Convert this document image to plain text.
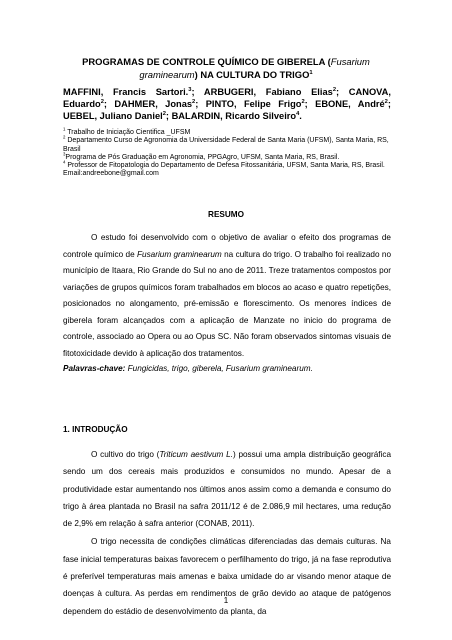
PROGRAMAS DE CONTROLE QUÍMICO DE GIBERELA (Fusarium
graminearum) NA CULTURA DO TRIGO$^1$
MAFFINI, Francis Sartori.$^3$; ARBUGERI, Fabiano Elias$^2$; CANOVA, Eduardo$^2$; DAHMER, Jonas$^2$; PINTO, Felipe Frigo$^2$; EBONE, André$^2$; UEBEL, Juliano Daniel$^2$; BALARDIN, Ricardo Silveiro$^4$.
$^1$ Trabalho de Iniciação Cientifica _UFSM
$^2$ Departamento Curso de Agronomia da Universidade Federal de Santa Maria (UFSM), Santa Maria, RS, Brasil
$^3$Programa de Pós Graduação em Agronomia, PPGAgro, UFSM, Santa Maria, RS, Brasil.
$^4$ Professor de Fitopatologia do Departamento de Defesa Fitossanitária, UFSM, Santa Maria, RS, Brasil.
Email:andreebone@gmail.com
RESUMO

O estudo foi desenvolvido com o objetivo de avaliar o efeito dos programas de controle químico de Fusarium graminearum na cultura do trigo. O trabalho foi realizado no município de Itaara, Rio Grande do Sul no ano de 2011. Treze tratamentos compostos por variações de grupos químicos foram trabalhados em blocos ao acaso e quatro repetições, posicionados no alongamento, pré-emissão e florescimento. Os menores índices de giberela foram alcançados com a aplicação de Manzate no inicio do programa de controle, associado ao Opera ou ao Opus SC. Não foram observados sintomas visuais de fitotoxicidade devido à aplicação dos tratamentos.

Palavras-chave: Fungicidas, trigo, giberela, Fusarium graminearum.
1. INTRODUÇÃO

O cultivo do trigo (Triticum aestivum L.) possui uma ampla distribuição geográfica sendo um dos cereais mais produzidos e consumidos no mundo. Apesar de a produtividade estar aumentando nos últimos anos assim como a demanda e consumo do trigo à área plantada no Brasil na safra 2011/12 é de 2.086,9 mil hectares, uma redução de 2,9% em relação à safra anterior (CONAB, 2011).

O trigo necessita de condições climáticas diferenciadas das demais culturas. Na fase inicial temperaturas baixas favorecem o perfilhamento do trigo, já na fase reprodutiva é preferível temperaturas mais amenas e baixa umidade do ar visando menor ataque de doenças à cultura. As perdas em rendimentos de grão devido ao ataque de patógenos dependem do estádio de desenvolvimento da planta, da

1
